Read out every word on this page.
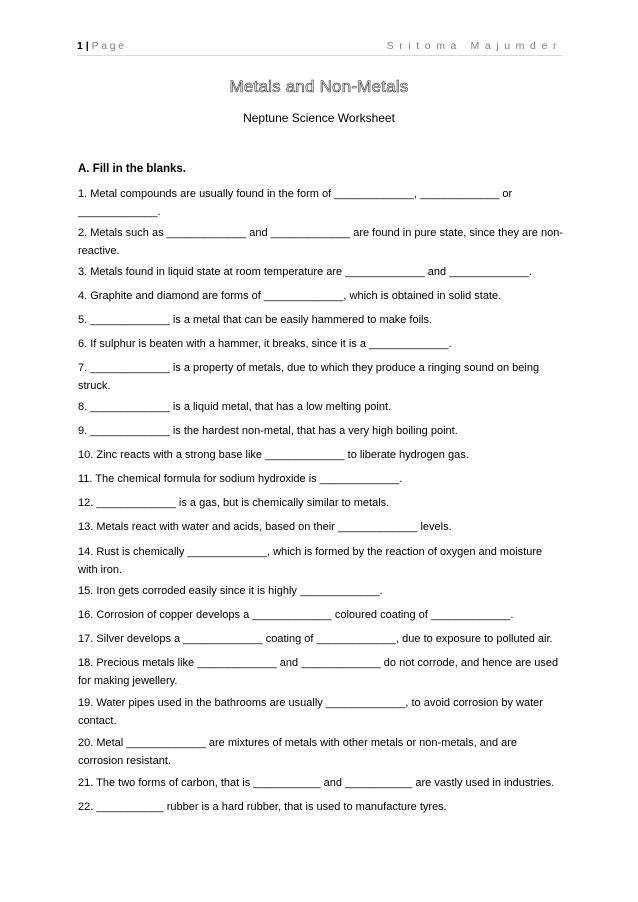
1 | Page	Sritoma Majumder
Metals and Non-Metals
Neptune Science Worksheet
A. Fill in the blanks.

1. Metal compounds are usually found in the form of _____________, _____________ or _____________.

2. Metals such as _____________ and _____________ are found in pure state, since they are non-reactive.

3. Metals found in liquid state at room temperature are _____________ and _____________.

4. Graphite and diamond are forms of _____________, which is obtained in solid state.

5. _____________ is a metal that can be easily hammered to make foils.

6. If sulphur is beaten with a hammer, it breaks, since it is a _____________.

7. _____________ is a property of metals, due to which they produce a ringing sound on being struck.

8. _____________ is a liquid metal, that has a low melting point.

9. _____________ is the hardest non-metal, that has a very high boiling point.

10. Zinc reacts with a strong base like _____________ to liberate hydrogen gas.

11. The chemical formula for sodium hydroxide is _____________.

12. _____________ is a gas, but is chemically similar to metals.

13. Metals react with water and acids, based on their _____________ levels.

14. Rust is chemically _____________, which is formed by the reaction of oxygen and moisture with iron.

15. Iron gets corroded easily since it is highly _____________.

16. Corrosion of copper develops a _____________ coloured coating of _____________.

17. Silver develops a _____________ coating of _____________, due to exposure to polluted air.

18. Precious metals like _____________ and _____________ do not corrode, and hence are used for making jewellery.

19. Water pipes used in the bathrooms are usually _____________, to avoid corrosion by water contact.

20. Metal _____________ are mixtures of metals with other metals or non-metals, and are corrosion resistant.

21. The two forms of carbon, that is ___________ and ___________ are vastly used in industries.

22. ___________ rubber is a hard rubber, that is used to manufacture tyres.
